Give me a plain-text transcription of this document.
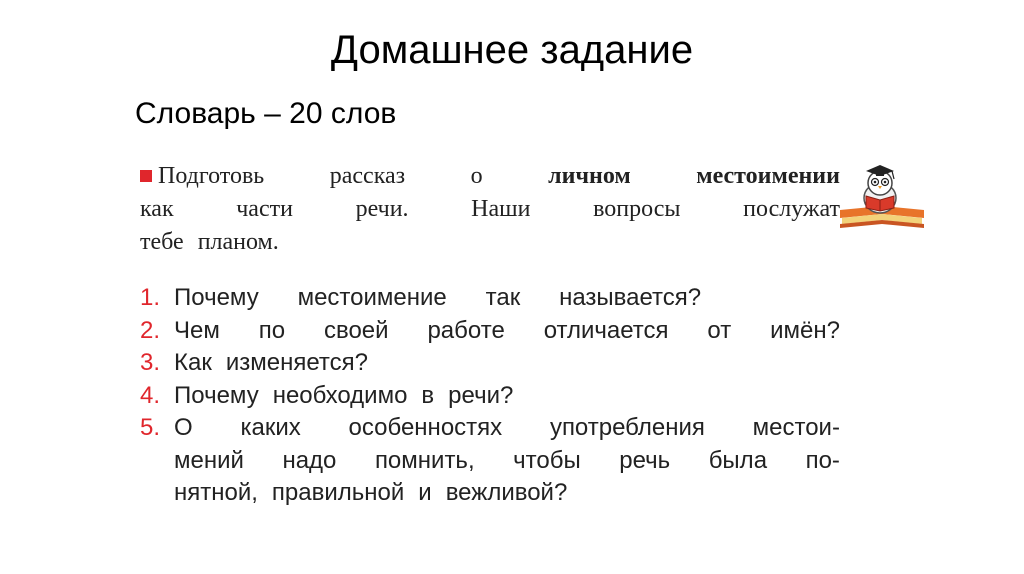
Домашнее задание
Словарь – 20 слов
Подготовь	рассказ	о	личном	местоимении
как	части	речи.	Наши	вопросы	послужат
тебе
планом.
1. Почему местоимение так называется?
2. Чем по своей работе отличается от имён?
3. Как изменяется?
4. Почему необходимо в речи?
5. О каких особенностях употребления местои-
мений надо помнить, чтобы речь была по-
нятной, правильной и вежливой?
